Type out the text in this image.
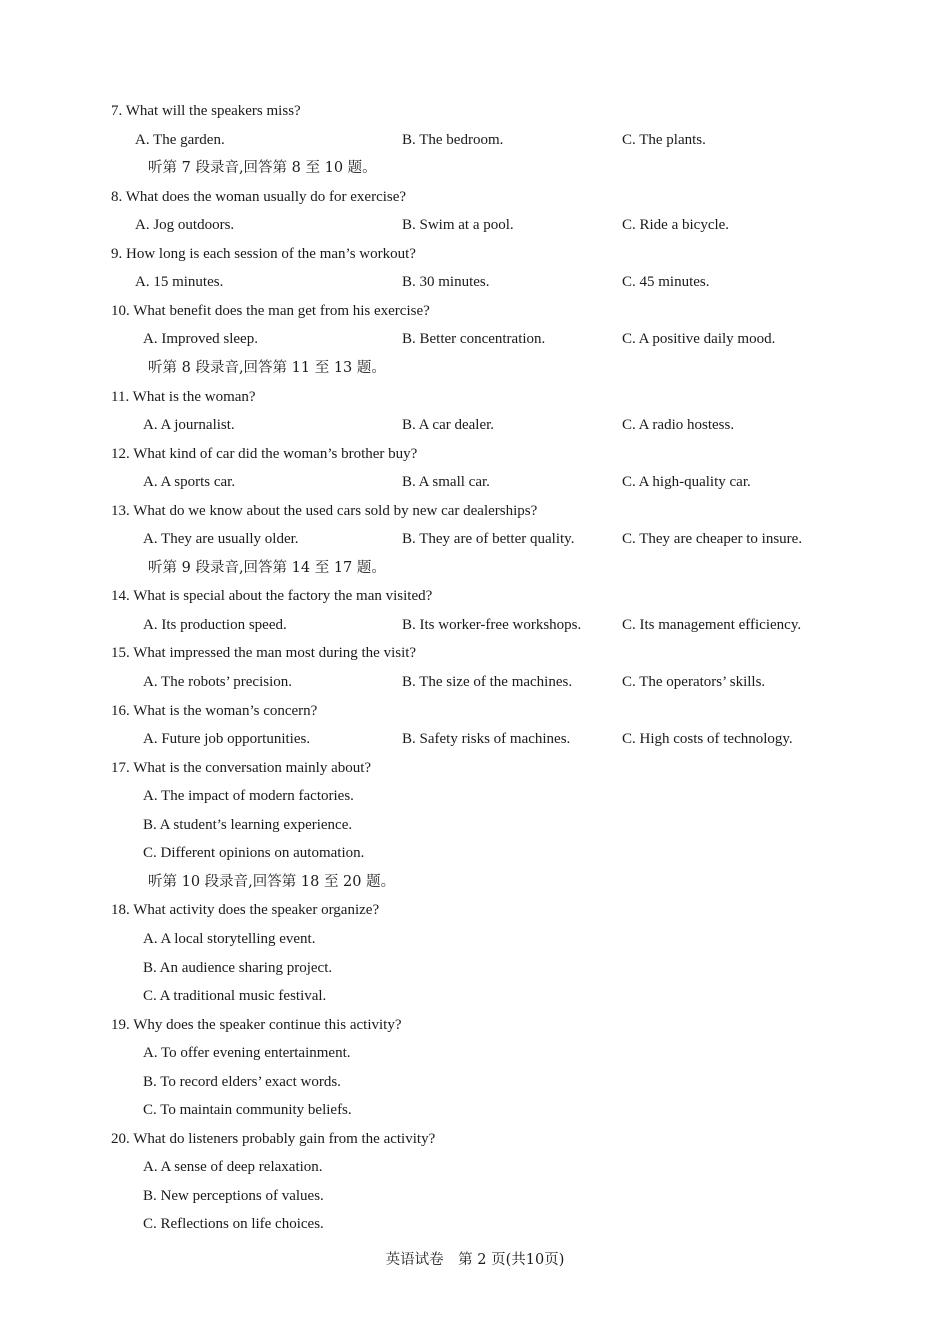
7. What will the speakers miss?
A. The garden.	B. The bedroom.	C. The plants.
听第 7 段录音,回答第 8 至 10 题。
8. What does the woman usually do for exercise?
A. Jog outdoors.	B. Swim at a pool.	C. Ride a bicycle.
9. How long is each session of the man’s workout?
A. 15 minutes.	B. 30 minutes.	C. 45 minutes.
10. What benefit does the man get from his exercise?
A. Improved sleep.	B. Better concentration.	C. A positive daily mood.
听第 8 段录音,回答第 11 至 13 题。
11. What is the woman?
A. A journalist.	B. A car dealer.	C. A radio hostess.
12. What kind of car did the woman’s brother buy?
A. A sports car.	B. A small car.	C. A high-quality car.
13. What do we know about the used cars sold by new car dealerships?
A. They are usually older.	B. They are of better quality.	C. They are cheaper to insure.
听第 9 段录音,回答第 14 至 17 题。
14. What is special about the factory the man visited?
A. Its production speed.	B. Its worker-free workshops.	C. Its management efficiency.
15. What impressed the man most during the visit?
A. The robots’ precision.	B. The size of the machines.	C. The operators’ skills.
16. What is the woman’s concern?
A. Future job opportunities.	B. Safety risks of machines.	C. High costs of technology.
17. What is the conversation mainly about?
A. The impact of modern factories.
B. A student’s learning experience.
C. Different opinions on automation.
听第 10 段录音,回答第 18 至 20 题。
18. What activity does the speaker organize?
A. A local storytelling event.
B. An audience sharing project.
C. A traditional music festival.
19. Why does the speaker continue this activity?
A. To offer evening entertainment.
B. To record elders’ exact words.
C. To maintain community beliefs.
20. What do listeners probably gain from the activity?
A. A sense of deep relaxation.
B. New perceptions of values.
C. Reflections on life choices.
英语试卷　第 2 页(共10页)
